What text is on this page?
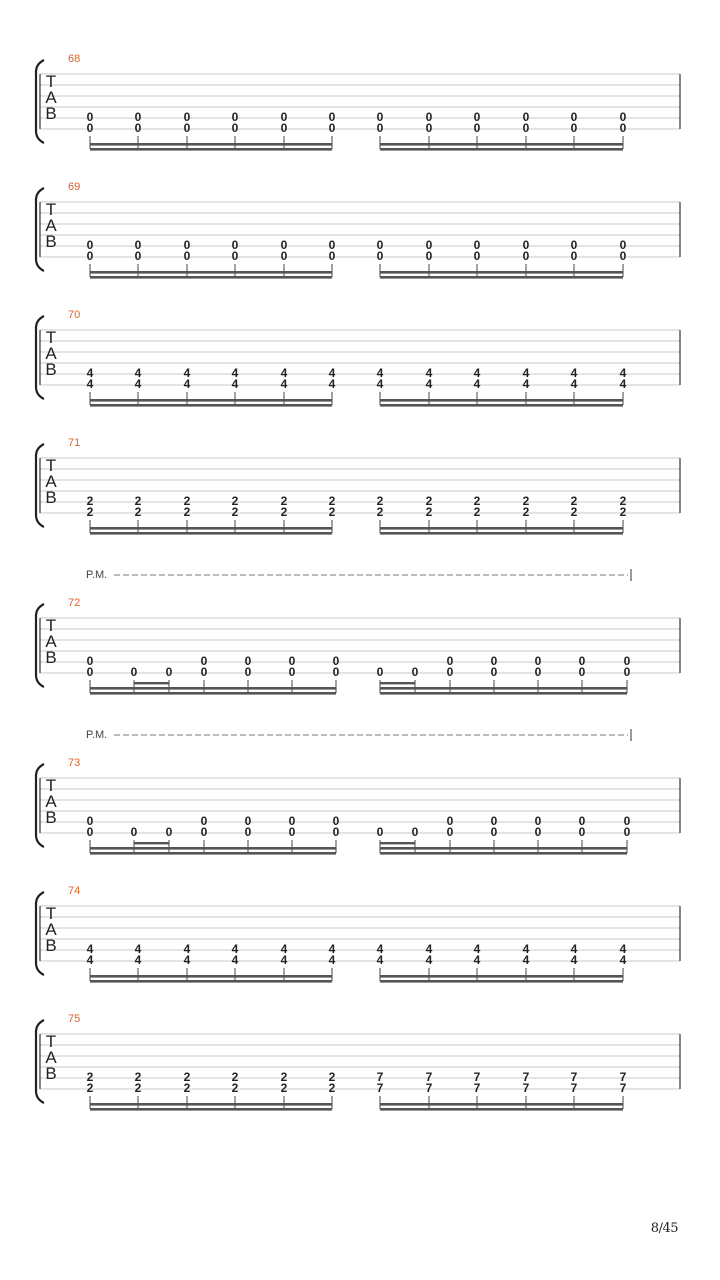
68
T
A
B 0
0
0
0
0
0
0
0
0
0
0
0
0
0
0
0
0
0
0
0
0
0
0
0
69
T
A
B 0
0
0
0
0
0
0
0
0
0
0
0
0
0
0
0
0
0
0
0
0
0
0
0
70
T
A
B 4
4
4
4
4
4
4
4
4
4
4
4
4
4
4
4
4
4
4
4
4
4
4
4
71
T
A
B 2
2
2
2
2
2
2
2
2
2
2
2
2
2
2
2
2
2
2
2
2
2
2
2
P.M.
72
T
A
B 0
0	0 0
0
0
0
0
0
0
0
0	0 0
0
0
0
0
0
0
0
0
0
0
P.M.
73
T
A
B 0
0	0 0
0
0
0
0
0
0
0
0	0 0
0
0
0
0
0
0
0
0
0
0
74
T
A
B 4
4
4
4
4
4
4
4
4
4
4
4
4
4
4
4
4
4
4
4
4
4
4
4
75
T
A
B 2
2
2
2
2
2
2
2
2
2
2
2
7
7
7
7
7
7
7
7
7
7
7
7
8/45
